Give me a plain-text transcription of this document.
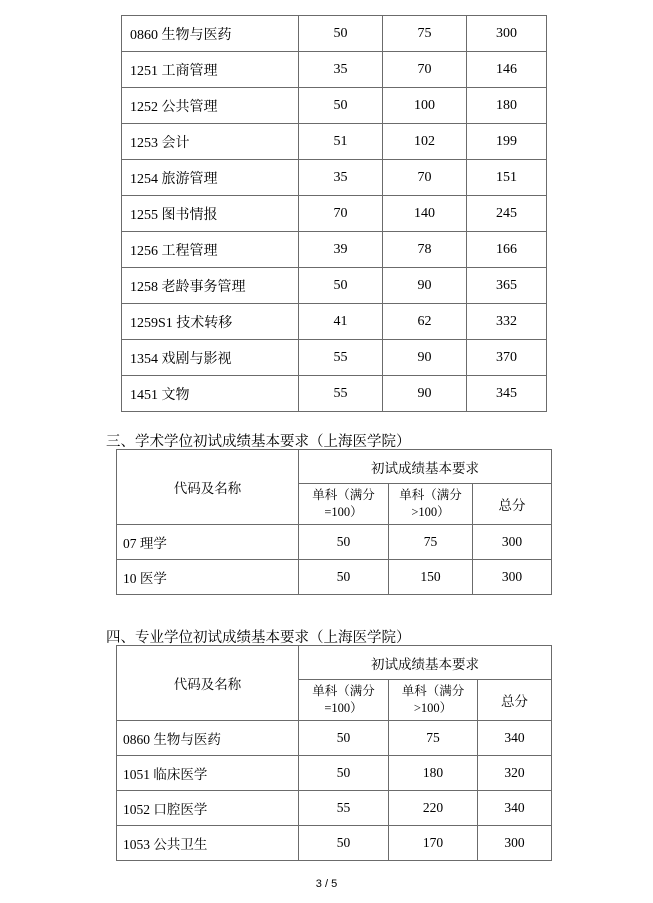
0860 生物与医药	50	75	300
1251 工商管理	35	70	146
1252 公共管理	50	100	180
1253 会计	51	102	199
1254 旅游管理	35	70	151
1255 图书情报	70	140	245
1256 工程管理	39	78	166
1258 老龄事务管理	50	90	365
1259S1 技术转移	41	62	332
1354 戏剧与影视	55	90	370
1451 文物	55	90	345
三、学术学位初试成绩基本要求（上海医学院）
代码及名称	初试成绩基本要求		
	单科（满分=100）	单科（满分>100）	总分
07 理学	50	75	300
10 医学	50	150	300
四、专业学位初试成绩基本要求（上海医学院）
代码及名称	初试成绩基本要求		
	单科（满分=100）	单科（满分>100）	总分
0860 生物与医药	50	75	340
1051 临床医学	50	180	320
1052 口腔医学	55	220	340
1053 公共卫生	50	170	300
3 / 5
